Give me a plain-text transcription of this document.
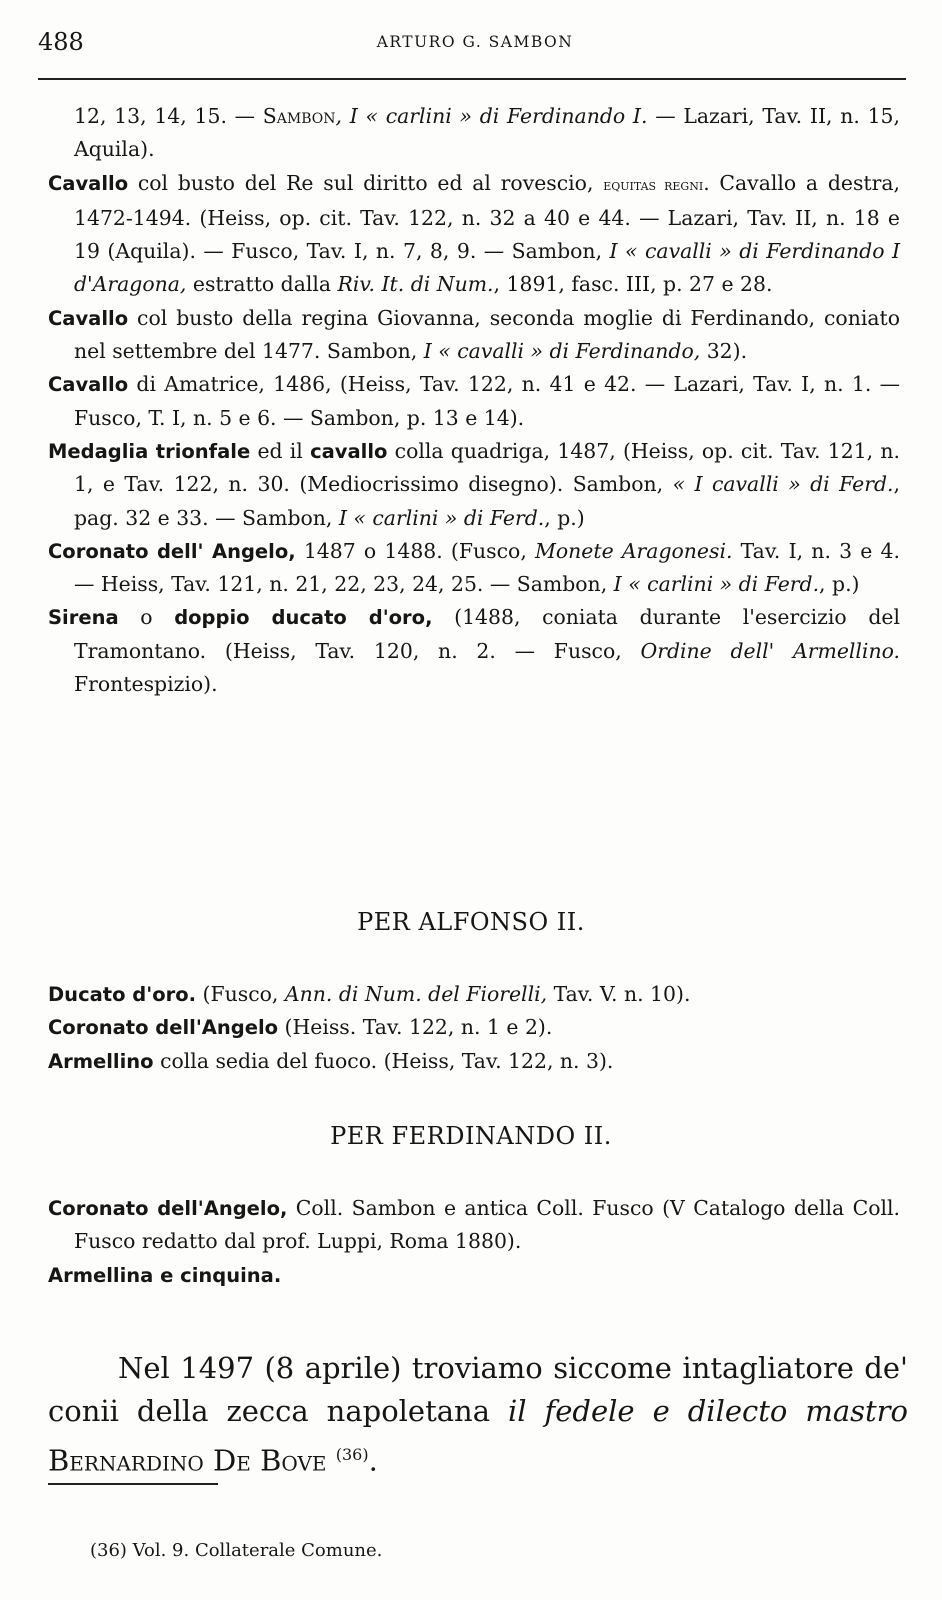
488	ARTURO G. SAMBON

12, 13, 14, 15. — Sambon, I « carlini » di Ferdinando I. — Lazari, Tav. II, n. 15, Aquila).

Cavallo col busto del Re sul diritto ed al rovescio, equitas regni. Cavallo a destra, 1472-1494. (Heiss, op. cit. Tav. 122, n. 32 a 40 e 44. — Lazari, Tav. II, n. 18 e 19 (Aquila). — Fusco, Tav. I, n. 7, 8, 9. — Sambon, I « cavalli » di Ferdinando I d'Aragona, estratto dalla Riv. It. di Num., 1891, fasc. III, p. 27 e 28.

Cavallo col busto della regina Giovanna, seconda moglie di Ferdinando, coniato nel settembre del 1477. Sambon, I « cavalli » di Ferdinando, 32).

Cavallo di Amatrice, 1486, (Heiss, Tav. 122, n. 41 e 42. — Lazari, Tav. I, n. 1. — Fusco, T. I, n. 5 e 6. — Sambon, p. 13 e 14).

Medaglia trionfale ed il cavallo colla quadriga, 1487, (Heiss, op. cit. Tav. 121, n. 1, e Tav. 122, n. 30. (Mediocrissimo disegno). Sambon, « I cavalli » di Ferd., pag. 32 e 33. — Sambon, I « carlini » di Ferd., p.)

Coronato dell' Angelo, 1487 o 1488. (Fusco, Monete Aragonesi. Tav. I, n. 3 e 4. — Heiss, Tav. 121, n. 21, 22, 23, 24, 25. — Sambon, I « carlini » di Ferd., p.)

Sirena o doppio ducato d'oro, (1488, coniata durante l'esercizio del Tramontano. (Heiss, Tav. 120, n. 2. — Fusco, Ordine dell' Armellino. Frontespizio).

PER ALFONSO II.

Ducato d'oro. (Fusco, Ann. di Num. del Fiorelli, Tav. V. n. 10).

Coronato dell'Angelo (Heiss. Tav. 122, n. 1 e 2).

Armellino colla sedia del fuoco. (Heiss, Tav. 122, n. 3).

PER FERDINANDO II.

Coronato dell'Angelo, Coll. Sambon e antica Coll. Fusco (V Catalogo della Coll. Fusco redatto dal prof. Luppi, Roma 1880).

Armellina e cinquina.

Nel 1497 (8 aprile) troviamo siccome intagliatore de' conii della zecca napoletana il fedele e dilecto mastro Bernardino De Bove $^{(36)}$.

(36) Vol. 9. Collaterale Comune.
